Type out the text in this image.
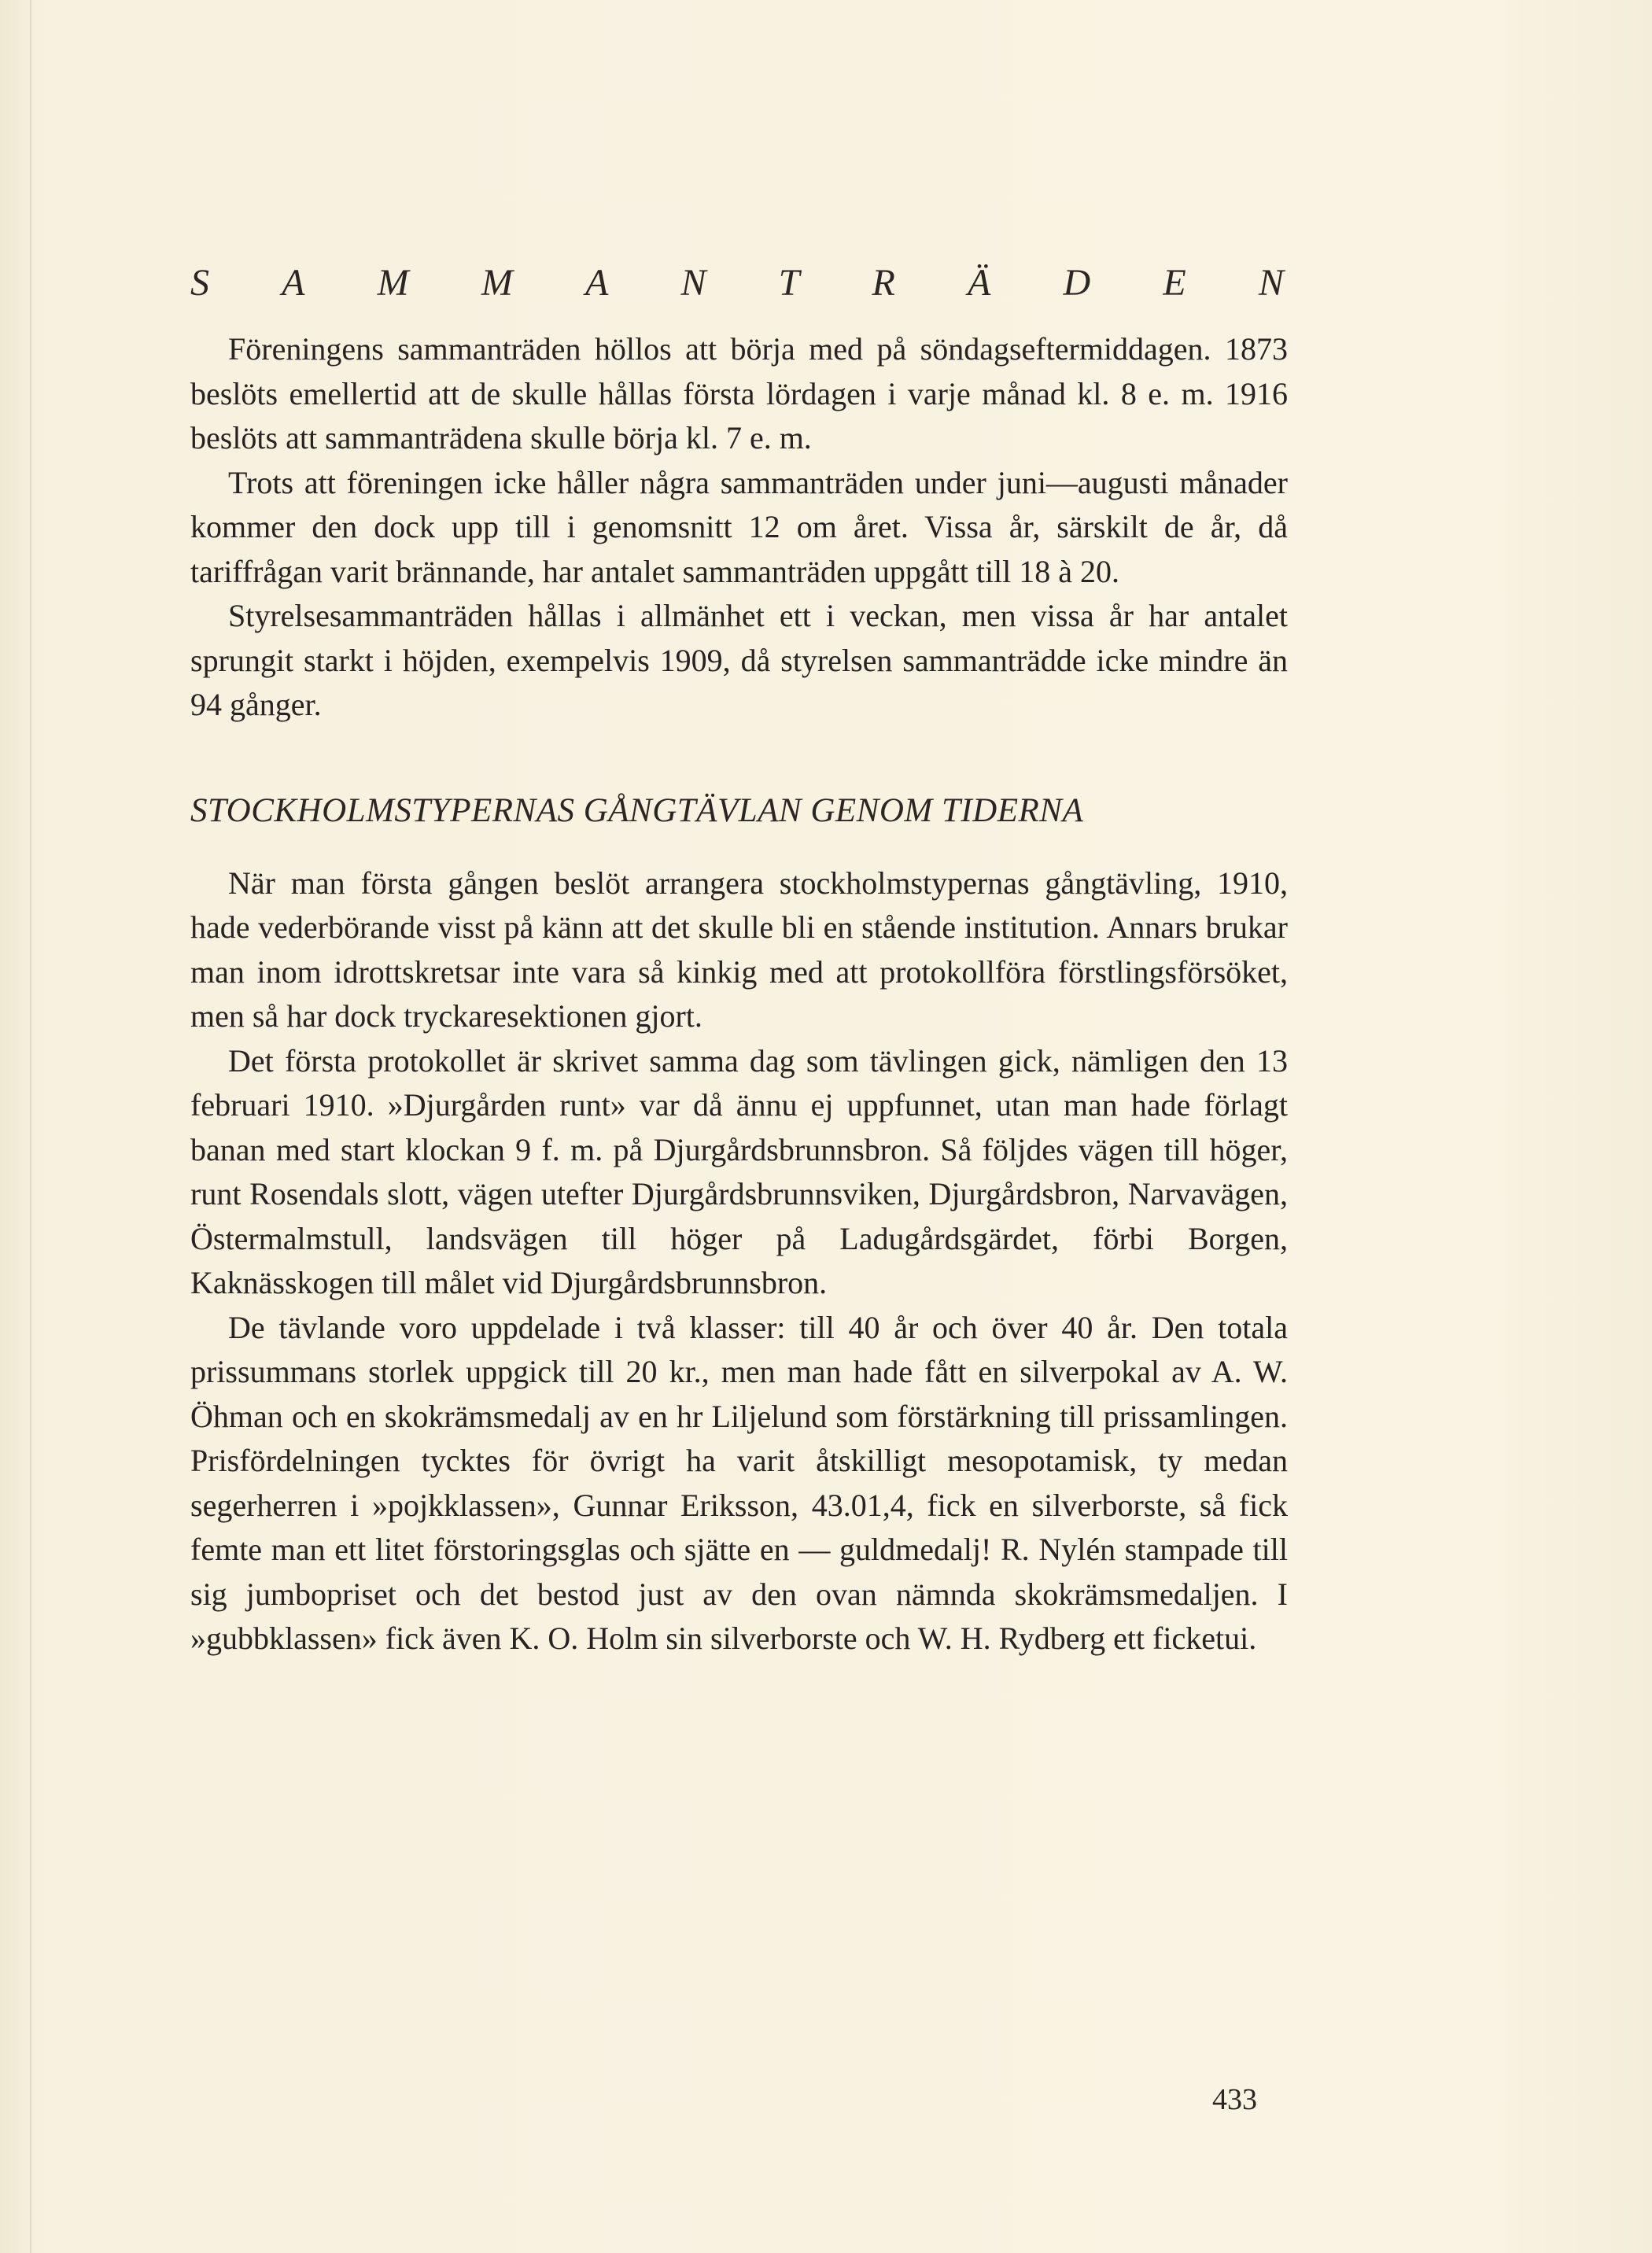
S A M M A N T R Ä D E N

Föreningens sammanträden höllos att börja med på söndagseftermiddagen. 1873 beslöts emellertid att de skulle hållas första lördagen i varje månad kl. 8 e. m. 1916 beslöts att sammanträdena skulle börja kl. 7 e. m.

Trots att föreningen icke håller några sammanträden under juni—augusti månader kommer den dock upp till i genomsnitt 12 om året. Vissa år, särskilt de år, då tariffrågan varit brännande, har antalet sammanträden uppgått till 18 à 20.

Styrelsesammanträden hållas i allmänhet ett i veckan, men vissa år har antalet sprungit starkt i höjden, exempelvis 1909, då styrelsen sammanträdde icke mindre än 94 gånger.

STOCKHOLMSTYPERNAS GÅNGTÄVLAN GENOM TIDERNA

När man första gången beslöt arrangera stockholmstypernas gångtävling, 1910, hade vederbörande visst på känn att det skulle bli en stående institution. Annars brukar man inom idrottskretsar inte vara så kinkig med att protokollföra förstlingsförsöket, men så har dock tryckaresektionen gjort.

Det första protokollet är skrivet samma dag som tävlingen gick, nämligen den 13 februari 1910. »Djurgården runt» var då ännu ej uppfunnet, utan man hade förlagt banan med start klockan 9 f. m. på Djurgårdsbrunnsbron. Så följdes vägen till höger, runt Rosendals slott, vägen utefter Djurgårdsbrunnsviken, Djurgårdsbron, Narvavägen, Östermalmstull, landsvägen till höger på Ladugårdsgärdet, förbi Borgen, Kaknässkogen till målet vid Djurgårdsbrunnsbron.

De tävlande voro uppdelade i två klasser: till 40 år och över 40 år. Den totala prissummans storlek uppgick till 20 kr., men man hade fått en silverpokal av A. W. Öhman och en skokrämsmedalj av en hr Liljelund som förstärkning till prissamlingen. Prisfördelningen tycktes för övrigt ha varit åtskilligt mesopotamisk, ty medan segerherren i »pojkklassen», Gunnar Eriksson, 43.01,4, fick en silverborste, så fick femte man ett litet förstoringsglas och sjätte en — guldmedalj! R. Nylén stampade till sig jumbopriset och det bestod just av den ovan nämnda skokrämsmedaljen. I »gubbklassen» fick även K. O. Holm sin silverborste och W. H. Rydberg ett ficketui.

433
